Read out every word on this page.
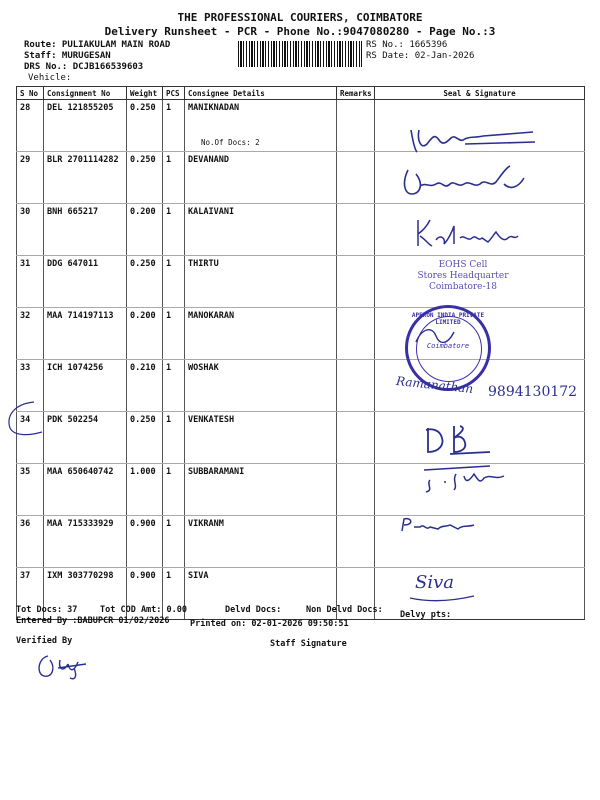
THE PROFESSIONAL COURIERS, COIMBATORE
Delivery Runsheet - PCR - Phone No.:9047080280 - Page No.:3
Route: PULIAKULAM MAIN ROAD
Staff: MURUGESAN
DRS No.: DCJB166539603
Vehicle:
RS No.: 1665396
RS Date: 02-Jan-2026
S No	Consignment No	Weight	PCS	Consignee Details	Remarks	Seal & Signature
28	DEL 121855205	0.250	1	MANIKNADAN
No.Of Docs: 2		

29	BLR 2701114282	0.250	1	DEVANAND		
30	BNH 665217	0.200	1	KALAIVANI		
31	DDG 647011	0.250	1	THIRTU		
32	MAA 714197113	0.200	1	MANOKARAN		
33	ICH 1074256	0.210	1	WOSHAK		
34	PDK 502254	0.250	1	VENKATESH		
35	MAA 650640742	1.000	1	SUBBARAMANI		
36	MAA 715333929	0.900	1	VIKRANM		
37	IXM 303770298	0.900	1	SIVA		
EOHS Cell
Stores Headquarter
Coimbatore-18
APEXON INDIA PRIVATE LIMITED
Coimbatore
Ramanathan 9894130172
Siva
Tot Docs: 37	Tot COD Amt: 0.00	Delvd Docs:	Non Delvd Docs: Delvy pts:
Entered By :BABUPCR 01/02/2026 Printed on: 02-01-2026 09:50:51
Verified By	Staff Signature
